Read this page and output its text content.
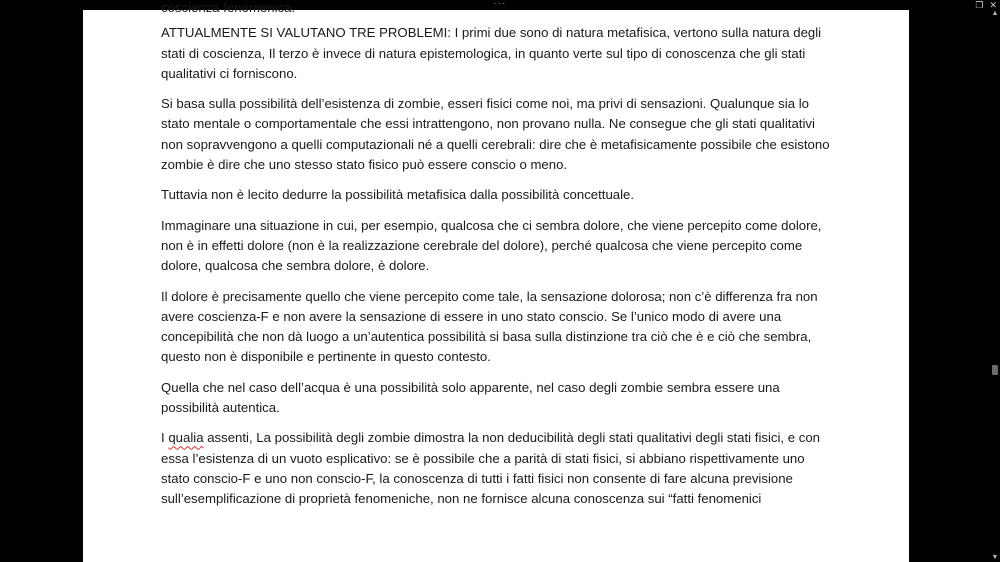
···	❐ ✕

coscienza fenomenica.

ATTUALMENTE SI VALUTANO TRE PROBLEMI: I primi due sono di natura metafisica, vertono sulla natura degli stati di coscienza, Il terzo è invece di natura epistemologica, in quanto verte sul tipo di conoscenza che gli stati qualitativi ci forniscono.

Si basa sulla possibilità dell’esistenza di zombie, esseri fisici come noi, ma privi di sensazioni. Qualunque sia lo stato mentale o comportamentale che essi intrattengono, non provano nulla. Ne consegue che gli stati qualitativi non sopravvengono a quelli computazionali né a quelli cerebrali: dire che è metafisicamente possibile che esistono zombie è dire che uno stesso stato fisico può essere conscio o meno.

Tuttavia non è lecito dedurre la possibilità metafisica dalla possibilità concettuale.

Immaginare una situazione in cui, per esempio, qualcosa che ci sembra dolore, che viene percepito come dolore, non è in effetti dolore (non è la realizzazione cerebrale del dolore), perché qualcosa che viene percepito come dolore, qualcosa che sembra dolore, è dolore.

Il dolore è precisamente quello che viene percepito come tale, la sensazione dolorosa; non c’è differenza fra non avere coscienza-F e non avere la sensazione di essere in uno stato conscio. Se l’unico modo di avere una concepibilità che non dà luogo a un’autentica possibilità si basa sulla distinzione tra ciò che è e ciò che sembra, questo non è disponibile e pertinente in questo contesto.

Quella che nel caso dell’acqua è una possibilità solo apparente, nel caso degli zombie sembra essere una possibilità autentica.

I qualia assenti, La possibilità degli zombie dimostra la non deducibilità degli stati qualitativi degli stati fisici, e con essa l’esistenza di un vuoto esplicativo: se è possibile che a parità di stati fisici, si abbiano rispettivamente uno stato conscio-F e uno non conscio-F, la conoscenza di tutti i fatti fisici non consente di fare alcuna previsione sull’esemplificazione di proprietà fenomeniche, non ne fornisce alcuna conoscenza sui “fatti fenomenici

▲
▼
